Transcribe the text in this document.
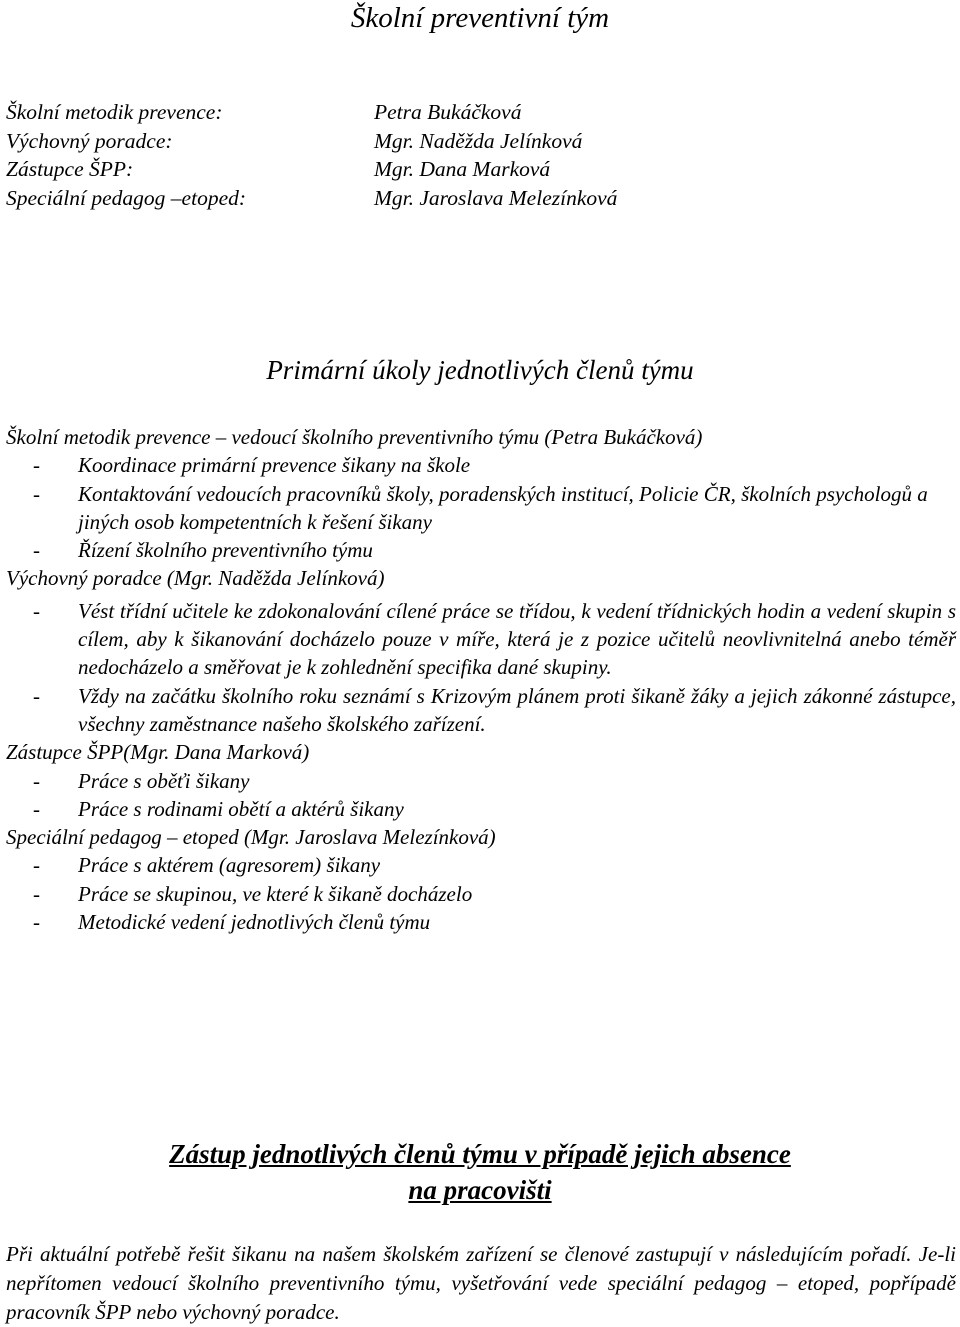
Školní preventivní tým
Školní metodik prevence:	Petra Bukáčková
Výchovný poradce:	Mgr. Naděžda Jelínková
Zástupce ŠPP:	Mgr. Dana Marková
Speciální pedagog –etoped:	Mgr. Jaroslava Melezínková
Primární úkoly jednotlivých členů týmu
Školní metodik prevence – vedoucí školního preventivního týmu (Petra Bukáčková)
-	Koordinace primární prevence šikany na škole
-	Kontaktování vedoucích pracovníků školy, poradenských institucí, Policie ČR, školních psychologů a jiných osob kompetentních k řešení šikany
-	Řízení školního preventivního týmu
Výchovný poradce (Mgr. Naděžda Jelínková)
-	Vést třídní učitele ke zdokonalování cílené práce se třídou, k vedení třídnických hodin a vedení skupin s cílem, aby k šikanování docházelo pouze v míře, která je z pozice učitelů neovlivnitelná anebo téměř nedocházelo a směřovat je k zohlednění specifika dané skupiny.
-	Vždy na začátku školního roku seznámí s Krizovým plánem proti šikaně žáky a jejich zákonné zástupce, všechny zaměstnance našeho školského zařízení.
Zástupce ŠPP(Mgr. Dana Marková)
-	Práce s oběťi šikany
-	Práce s rodinami obětí a aktérů šikany
Speciální pedagog – etoped (Mgr. Jaroslava Melezínková)
-	Práce s aktérem (agresorem) šikany
-	Práce se skupinou, ve které k šikaně docházelo
-	Metodické vedení jednotlivých členů týmu
Zástup jednotlivých členů týmu v případě jejich absence
na pracovišti
Při aktuální potřebě řešit šikanu na našem školském zařízení se členové zastupují v následujícím pořadí. Je-li nepřítomen vedoucí školního preventivního týmu, vyšetřování vede speciální pedagog – etoped, popřípadě pracovník ŠPP nebo výchovný poradce.
